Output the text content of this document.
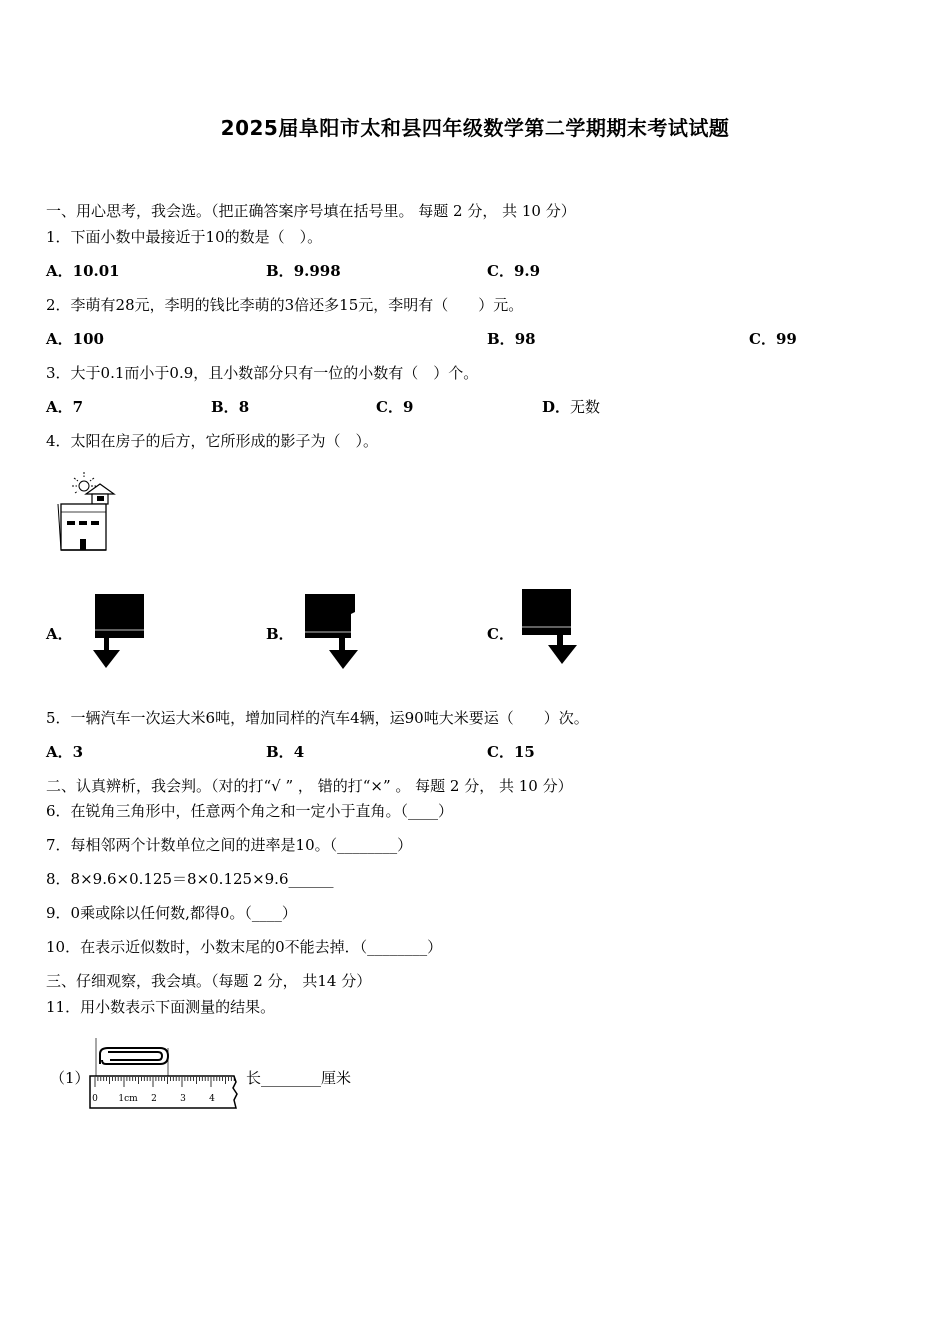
2025届阜阳市太和县四年级数学第二学期期末考试试题
一、用心思考，我会选。（把正确答案序号填在括号里。 每题 2 分， 共 10 分）
1．下面小数中最接近于10的数是（　）。
A．10.01	B．9.998	C．9.9
2．李萌有28元，李明的钱比李萌的3倍还多15元，李明有（　　）元。
A．100	B．98	C．99
3．大于0.1而小于0.9，且小数部分只有一位的小数有（　）个。
A．7	B．8	C．9	D．无数
4．太阳在房子的后方，它所形成的影子为（　）。
A．	B．	C．
5．一辆汽车一次运大米6吨，增加同样的汽车4辆，运90吨大米要运（　　）次。
A．3	B．4	C．15
二、认真辨析，我会判。（对的打“√ ” ， 错的打“×” 。 每题 2 分， 共 10 分）
6．在锐角三角形中，任意两个角之和一定小于直角。（____）
7．每相邻两个计数单位之间的进率是10。（________）
8．8×9.6×0.125＝8×0.125×9.6______
9．0乘或除以任何数,都得0。（____）
10．在表示近似数时，小数末尾的0不能去掉．（________）
三、仔细观察，我会填。（每题 2 分， 共14 分）
11．用小数表示下面测量的结果。
（1）
0 1cm 2	3	4
长________厘米
